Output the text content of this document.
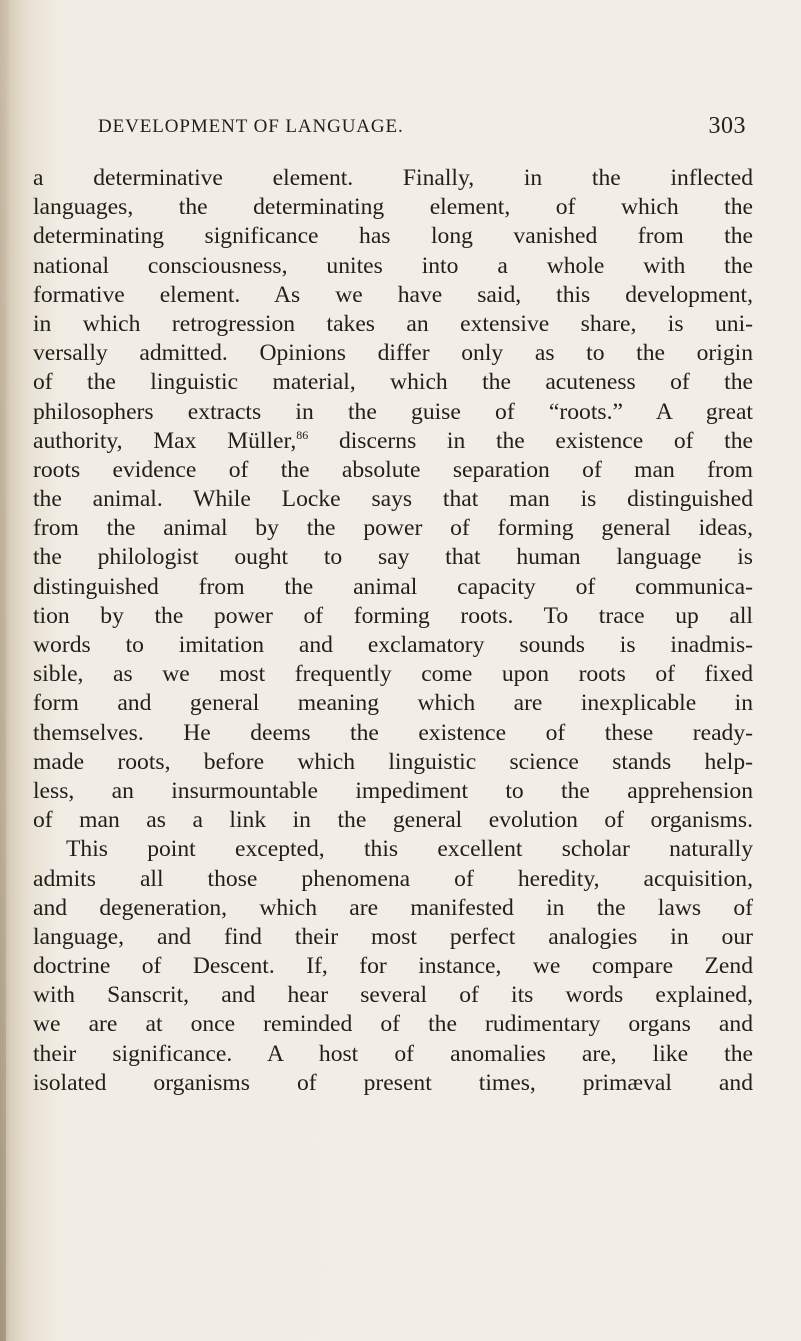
DEVELOPMENT OF LANGUAGE.	303
a determinative element. Finally, in the inflected
languages, the determinating element, of which the
determinating significance has long vanished from the
national consciousness, unites into a whole with the
formative element. As we have said, this development,
in which retrogression takes an extensive share, is uni-
versally admitted. Opinions differ only as to the origin
of the linguistic material, which the acuteness of the
philosophers extracts in the guise of “roots.” A great
authority, Max Müller,$^{86}$ discerns in the existence of the
roots evidence of the absolute separation of man from
the animal. While Locke says that man is distinguished
from the animal by the power of forming general ideas,
the philologist ought to say that human language is
distinguished from the animal capacity of communica-
tion by the power of forming roots. To trace up all
words to imitation and exclamatory sounds is inadmis-
sible, as we most frequently come upon roots of fixed
form and general meaning which are inexplicable in
themselves. He deems the existence of these ready-
made roots, before which linguistic science stands help-
less, an insurmountable impediment to the apprehension
of man as a link in the general evolution of organisms.
This point excepted, this excellent scholar naturally
admits all those phenomena of heredity, acquisition,
and degeneration, which are manifested in the laws of
language, and find their most perfect analogies in our
doctrine of Descent. If, for instance, we compare Zend
with Sanscrit, and hear several of its words explained,
we are at once reminded of the rudimentary organs and
their significance. A host of anomalies are, like the
isolated organisms of present times, primæval and
